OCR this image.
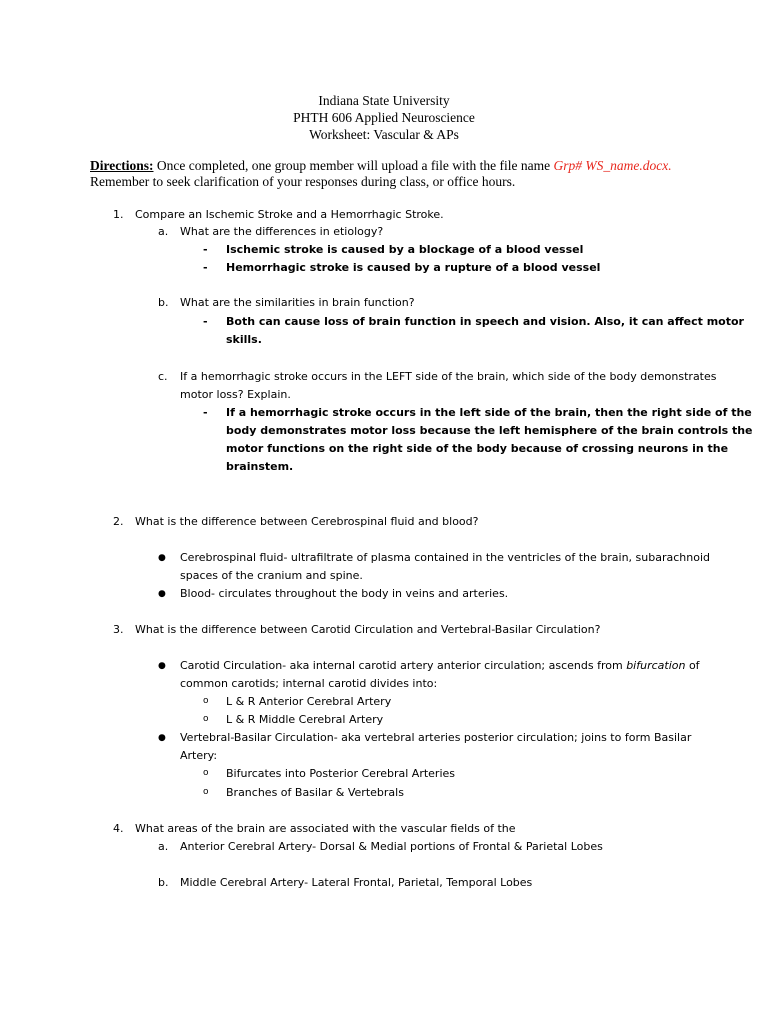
Indiana State University
PHTH 606 Applied Neuroscience
Worksheet: Vascular & APs
Directions: Once completed, one group member will upload a file with the file name Grp# WS_name.docx.
Remember to seek clarification of your responses during class, or office hours.
1. Compare an Ischemic Stroke and a Hemorrhagic Stroke.
a. What are the differences in etiology?
- Ischemic stroke is caused by a blockage of a blood vessel
- Hemorrhagic stroke is caused by a rupture of a blood vessel
b. What are the similarities in brain function?
- Both can cause loss of brain function in speech and vision. Also, it can affect motor
skills.
c. If a hemorrhagic stroke occurs in the LEFT side of the brain, which side of the body demonstrates
motor loss? Explain.
- If a hemorrhagic stroke occurs in the left side of the brain, then the right side of the
body demonstrates motor loss because the left hemisphere of the brain controls the
motor functions on the right side of the body because of crossing neurons in the
brainstem.
2. What is the difference between Cerebrospinal fluid and blood?
● Cerebrospinal fluid- ultrafiltrate of plasma contained in the ventricles of the brain, subarachnoid
spaces of the cranium and spine.
● Blood- circulates throughout the body in veins and arteries.
3. What is the difference between Carotid Circulation and Vertebral-Basilar Circulation?
● Carotid Circulation- aka internal carotid artery anterior circulation; ascends from bifurcation of
common carotids; internal carotid divides into:
o L & R Anterior Cerebral Artery
o L & R Middle Cerebral Artery
● Vertebral-Basilar Circulation- aka vertebral arteries posterior circulation; joins to form Basilar
Artery:
o Bifurcates into Posterior Cerebral Arteries
o Branches of Basilar & Vertebrals
4. What areas of the brain are associated with the vascular fields of the
a. Anterior Cerebral Artery- Dorsal & Medial portions of Frontal & Parietal Lobes
b. Middle Cerebral Artery- Lateral Frontal, Parietal, Temporal Lobes
